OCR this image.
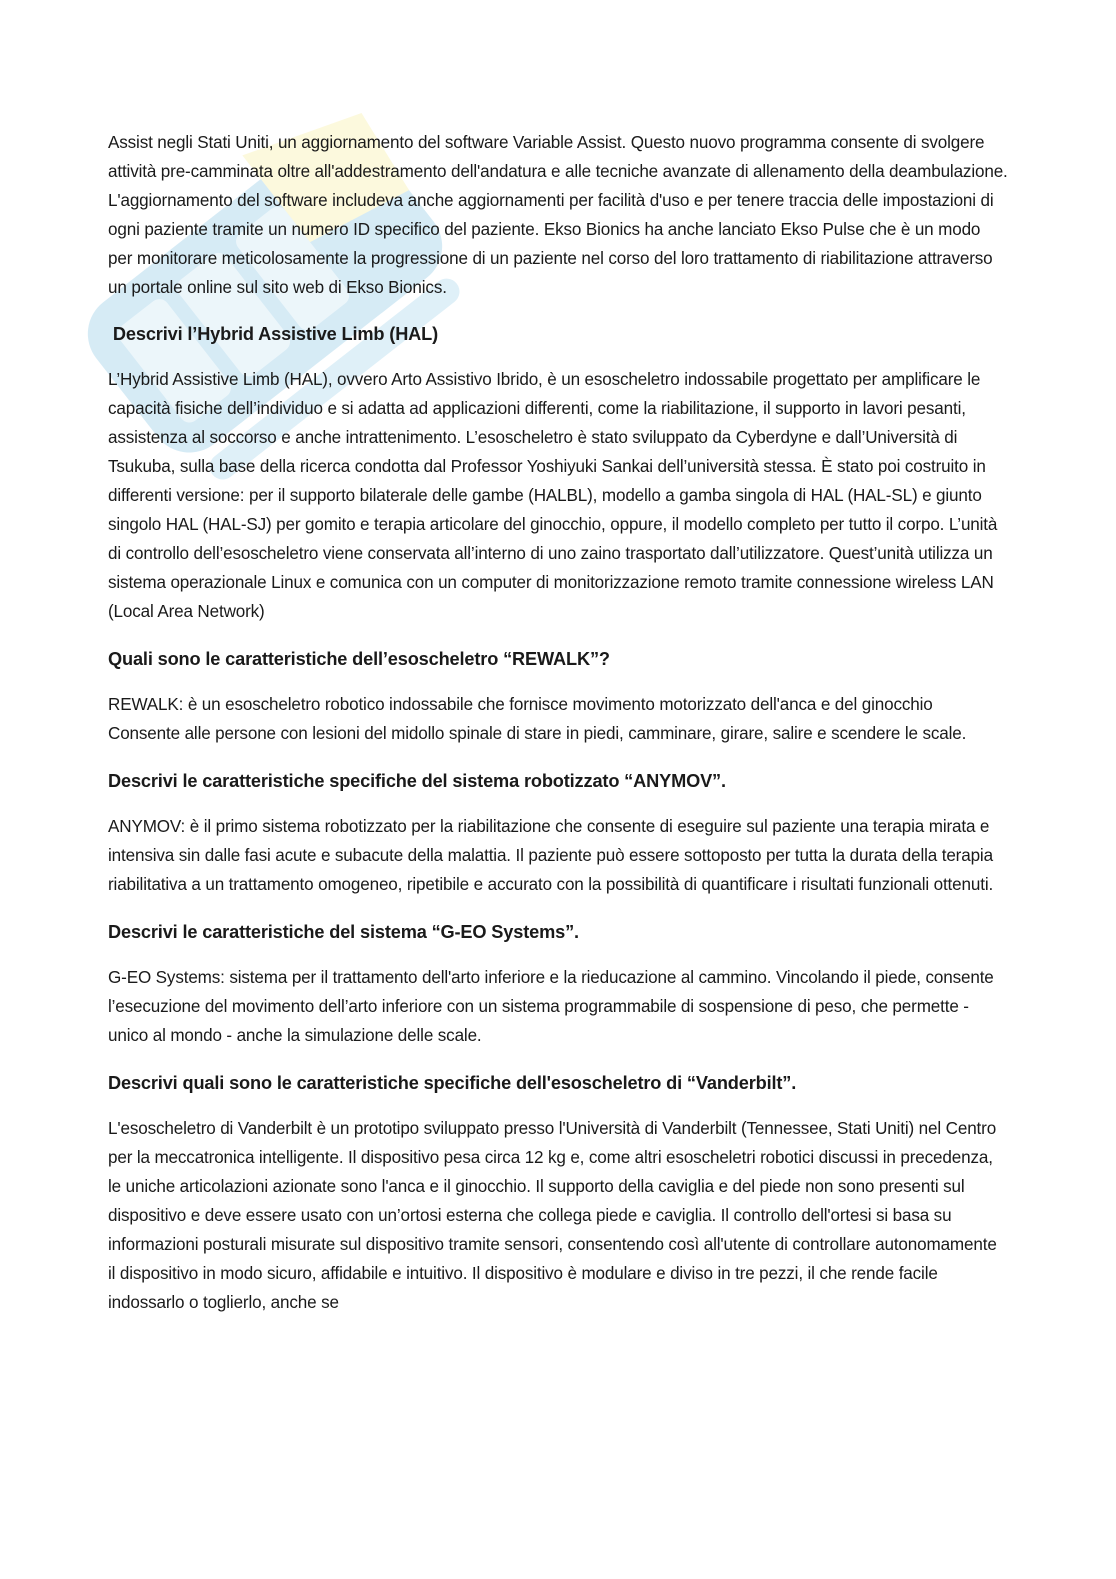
Assist negli Stati Uniti, un aggiornamento del software Variable Assist. Questo nuovo programma consente di svolgere attività pre-camminata oltre all'addestramento dell'andatura e alle tecniche avanzate di allenamento della deambulazione. L'aggiornamento del software includeva anche aggiornamenti per facilità d'uso e per tenere traccia delle impostazioni di ogni paziente tramite un numero ID specifico del paziente. Ekso Bionics ha anche lanciato Ekso Pulse che è un modo per monitorare meticolosamente la progressione di un paziente nel corso del loro trattamento di riabilitazione attraverso un portale online sul sito web di Ekso Bionics.

Descrivi l’Hybrid Assistive Limb (HAL)

L’Hybrid Assistive Limb (HAL), ovvero Arto Assistivo Ibrido, è un esoscheletro indossabile progettato per amplificare le capacità fisiche dell’individuo e si adatta ad applicazioni differenti, come la riabilitazione, il supporto in lavori pesanti, assistenza al soccorso e anche intrattenimento. L’esoscheletro è stato sviluppato da Cyberdyne e dall’Università di Tsukuba, sulla base della ricerca condotta dal Professor Yoshiyuki Sankai dell’università stessa. È stato poi costruito in differenti versione: per il supporto bilaterale delle gambe (HALBL), modello a gamba singola di HAL (HAL-SL) e giunto singolo HAL (HAL-SJ) per gomito e terapia articolare del ginocchio, oppure, il modello completo per tutto il corpo. L’unità di controllo dell’esoscheletro viene conservata all’interno di uno zaino trasportato dall’utilizzatore. Quest’unità utilizza un sistema operazionale Linux e comunica con un computer di monitorizzazione remoto tramite connessione wireless LAN (Local Area Network)

Quali sono le caratteristiche dell’esoscheletro “REWALK”?

REWALK: è un esoscheletro robotico indossabile che fornisce movimento motorizzato dell'anca e del ginocchio Consente alle persone con lesioni del midollo spinale di stare in piedi, camminare, girare, salire e scendere le scale.

Descrivi le caratteristiche specifiche del sistema robotizzato “ANYMOV”.

ANYMOV: è il primo sistema robotizzato per la riabilitazione che consente di eseguire sul paziente una terapia mirata e intensiva sin dalle fasi acute e subacute della malattia. Il paziente può essere sottoposto per tutta la durata della terapia riabilitativa a un trattamento omogeneo, ripetibile e accurato con la possibilità di quantificare i risultati funzionali ottenuti.

Descrivi le caratteristiche del sistema “G-EO Systems”.

G-EO Systems: sistema per il trattamento dell'arto inferiore e la rieducazione al cammino. Vincolando il piede, consente l’esecuzione del movimento dell’arto inferiore con un sistema programmabile di sospensione di peso, che permette - unico al mondo - anche la simulazione delle scale.

Descrivi quali sono le caratteristiche specifiche dell'esoscheletro di “Vanderbilt”.

L'esoscheletro di Vanderbilt è un prototipo sviluppato presso l'Università di Vanderbilt (Tennessee, Stati Uniti) nel Centro per la meccatronica intelligente. Il dispositivo pesa circa 12 kg e, come altri esoscheletri robotici discussi in precedenza, le uniche articolazioni azionate sono l'anca e il ginocchio. Il supporto della caviglia e del piede non sono presenti sul dispositivo e deve essere usato con un’ortosi esterna che collega piede e caviglia. Il controllo dell'ortesi si basa su informazioni posturali misurate sul dispositivo tramite sensori, consentendo così all'utente di controllare autonomamente il dispositivo in modo sicuro, affidabile e intuitivo. Il dispositivo è modulare e diviso in tre pezzi, il che rende facile indossarlo o toglierlo, anche se
